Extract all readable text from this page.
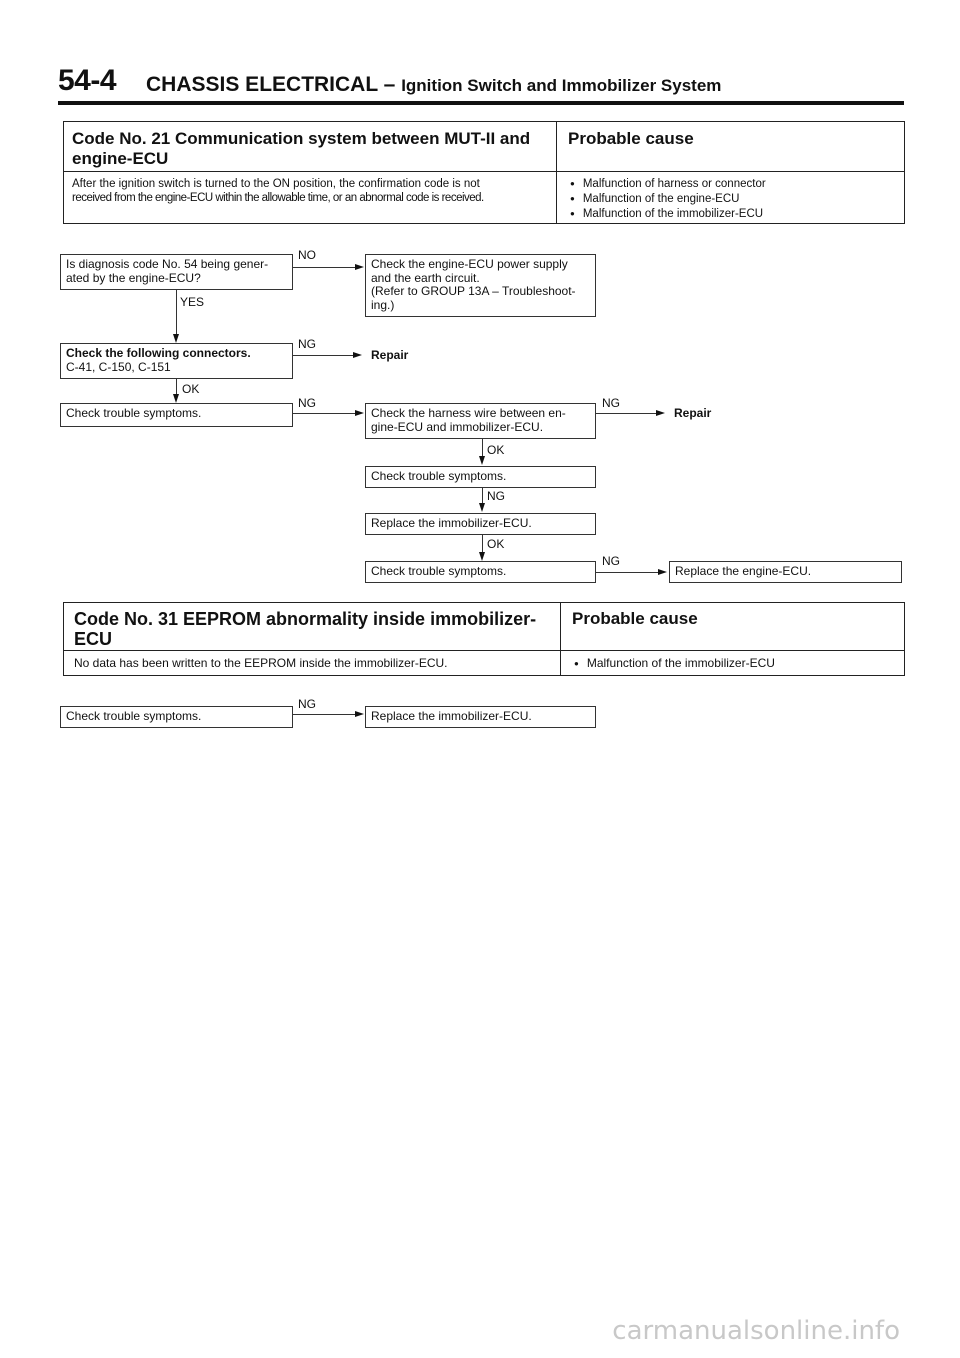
54-4 CHASSIS ELECTRICAL – Ignition Switch and Immobilizer System
Code No. 21 Communication system between MUT-II and
engine-ECU
Probable cause
After the ignition switch is turned to the ON position, the confirmation code is not
received from the engine-ECU within the allowable time, or an abnormal code is received.
● Malfunction of harness or connector
● Malfunction of the engine-ECU
● Malfunction of the immobilizer-ECU
Is diagnosis code No. 54 being gener-
ated by the engine-ECU?
NO
Check the engine-ECU power supply
and the earth circuit.
(Refer to GROUP 13A – Troubleshoot-
ing.)
YES
Check the following connectors.
C-41, C-150, C-151
NG
Repair
OK
Check trouble symptoms.
NG
Check the harness wire between en-
gine-ECU and immobilizer-ECU.
NG
Repair
OK
Check trouble symptoms.
NG
Replace the immobilizer-ECU.
OK
Check trouble symptoms.
NG
Replace the engine-ECU.
Code No. 31 EEPROM abnormality inside immobilizer-
ECU
Probable cause
No data has been written to the EEPROM inside the immobilizer-ECU.
●	Malfunction of the immobilizer-ECU
Check trouble symptoms.
NG
Replace the immobilizer-ECU.
carmanualsonline.info
